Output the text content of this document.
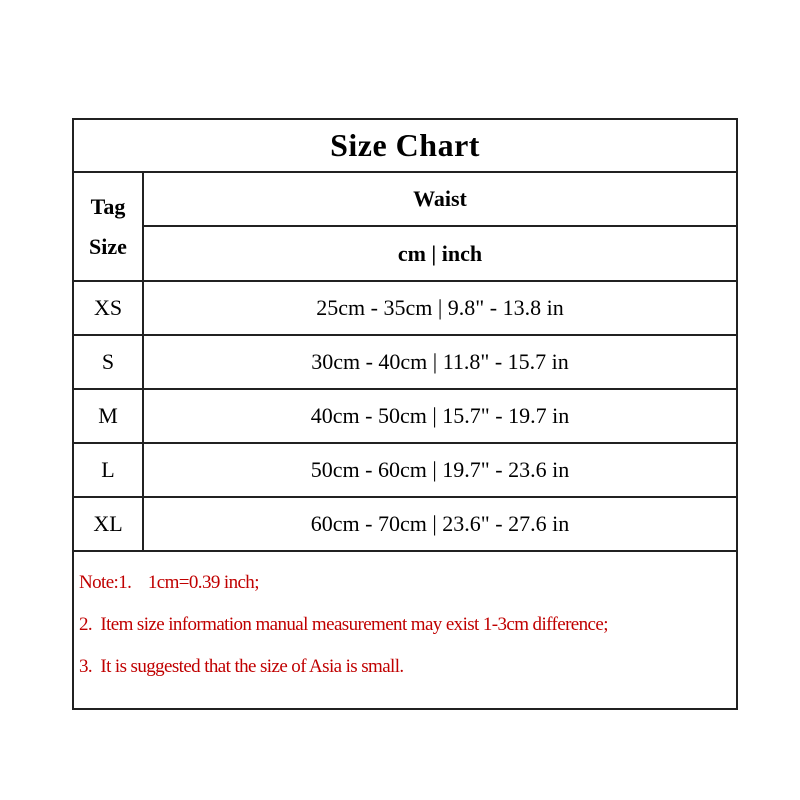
Size Chart	

Tag
Size	Waist
	cm | inch
XS	25cm - 35cm | 9.8" - 13.8 in
S	30cm - 40cm | 11.8" - 15.7 in
M	40cm - 50cm | 15.7" - 19.7 in
L	50cm - 60cm | 19.7" - 23.6 in
XL	60cm - 70cm | 23.6" - 27.6 in

Note:1.    1cm=0.39 inch;
2.  Item size information manual measurement may exist 1-3cm difference;
3.  It is suggested that the size of Asia is small.	
